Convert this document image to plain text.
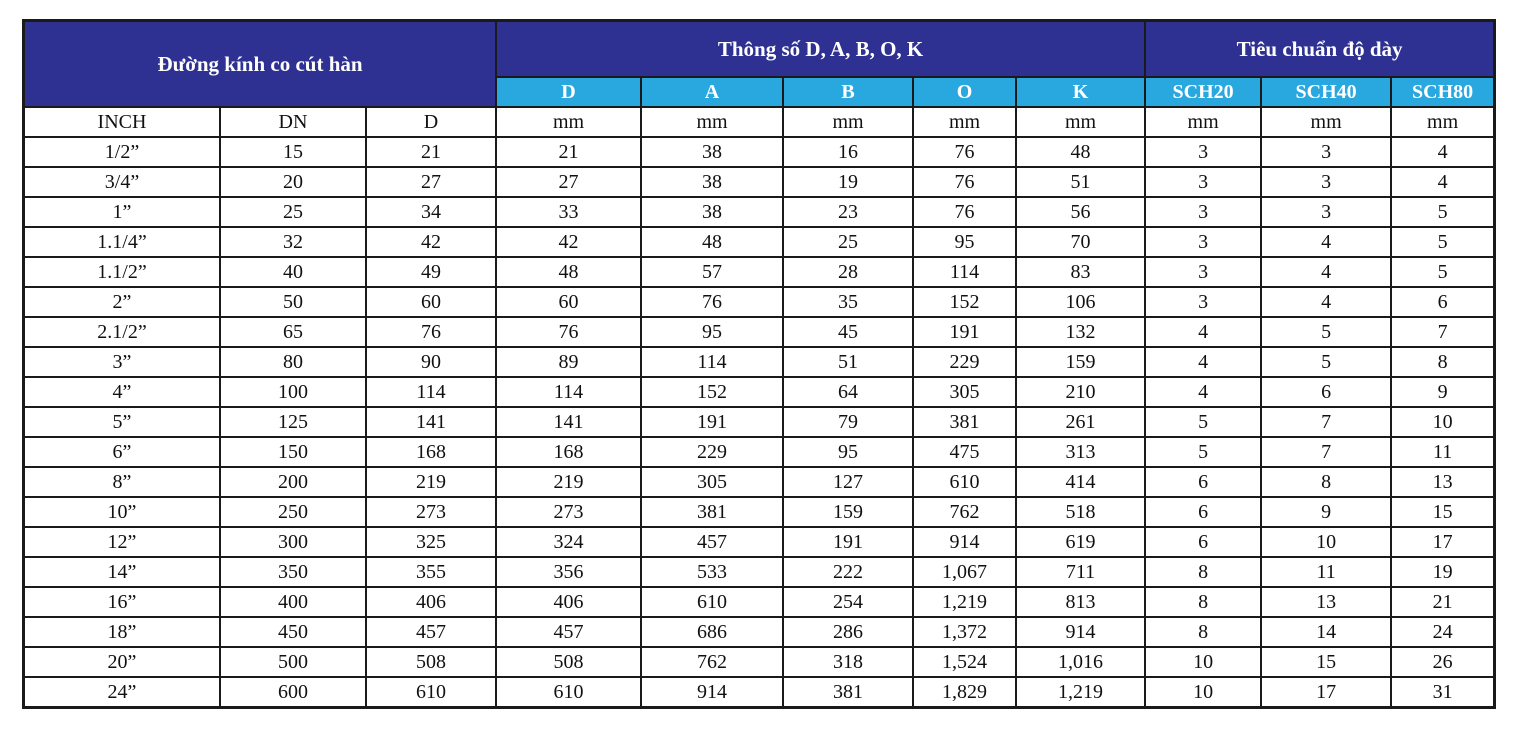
Đường kính co cút hàn			Thông số D, A, B, O, K					Tiêu chuẩn độ dày		
			D	A	B	O	K	SCH20	SCH40	SCH80
INCH	DN	D	mm	mm	mm	mm	mm	mm	mm	mm
1/2”	15	21	21	38	16	76	48	3	3	4
3/4”	20	27	27	38	19	76	51	3	3	4
1”	25	34	33	38	23	76	56	3	3	5
1.1/4”	32	42	42	48	25	95	70	3	4	5
1.1/2”	40	49	48	57	28	114	83	3	4	5
2”	50	60	60	76	35	152	106	3	4	6
2.1/2”	65	76	76	95	45	191	132	4	5	7
3”	80	90	89	114	51	229	159	4	5	8
4”	100	114	114	152	64	305	210	4	6	9
5”	125	141	141	191	79	381	261	5	7	10
6”	150	168	168	229	95	475	313	5	7	11
8”	200	219	219	305	127	610	414	6	8	13
10”	250	273	273	381	159	762	518	6	9	15
12”	300	325	324	457	191	914	619	6	10	17
14”	350	355	356	533	222	1,067	711	8	11	19
16”	400	406	406	610	254	1,219	813	8	13	21
18”	450	457	457	686	286	1,372	914	8	14	24
20”	500	508	508	762	318	1,524	1,016	10	15	26
24”	600	610	610	914	381	1,829	1,219	10	17	31
